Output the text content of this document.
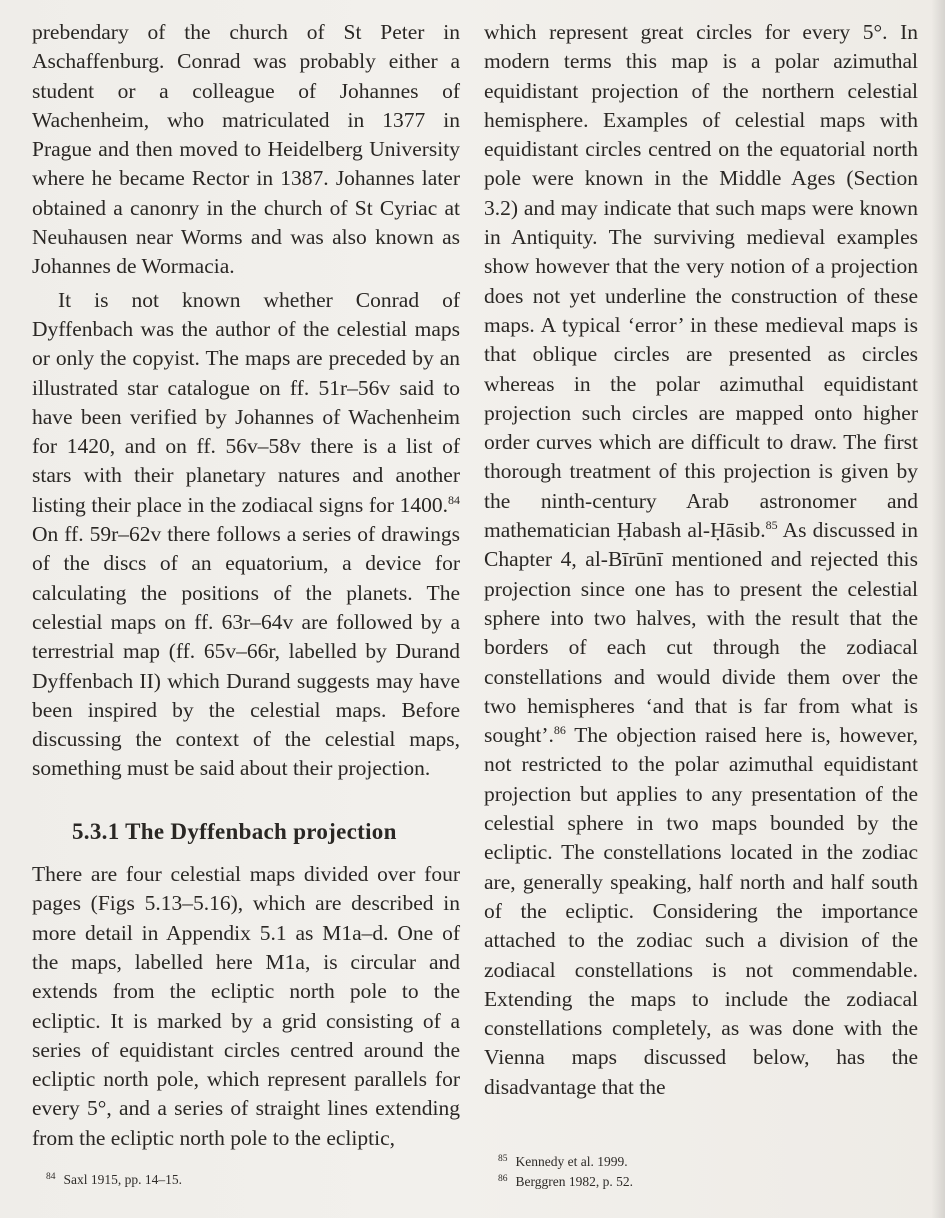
prebendary of the church of St Peter in Aschaffenburg. Conrad was probably either a student or a colleague of Johannes of Wachenheim, who matriculated in 1377 in Prague and then moved to Heidelberg University where he became Rector in 1387. Johannes later obtained a canonry in the church of St Cyriac at Neuhausen near Worms and was also known as Johannes de Wormacia.

It is not known whether Conrad of Dyffenbach was the author of the celestial maps or only the copyist. The maps are preceded by an illustrated star catalogue on ff. 51r–56v said to have been verified by Johannes of Wachenheim for 1420, and on ff. 56v–58v there is a list of stars with their planetary natures and another listing their place in the zodiacal signs for 1400.84 On ff. 59r–62v there follows a series of drawings of the discs of an equatorium, a device for calculating the positions of the planets. The celestial maps on ff. 63r–64v are followed by a terrestrial map (ff. 65v–66r, labelled by Durand Dyffenbach II) which Durand suggests may have been inspired by the celestial maps. Before discussing the context of the celestial maps, something must be said about their projection.

5.3.1 The Dyffenbach projection

There are four celestial maps divided over four pages (Figs 5.13–5.16), which are described in more detail in Appendix 5.1 as M1a–d. One of the maps, labelled here M1a, is circular and extends from the ecliptic north pole to the ecliptic. It is marked by a grid consisting of a series of equidistant circles centred around the ecliptic north pole, which represent parallels for every 5°, and a series of straight lines extending from the ecliptic north pole to the ecliptic,

which represent great circles for every 5°. In modern terms this map is a polar azimuthal equidistant projection of the northern celestial hemisphere. Examples of celestial maps with equidistant circles centred on the equatorial north pole were known in the Middle Ages (Section 3.2) and may indicate that such maps were known in Antiquity. The surviving medieval examples show however that the very notion of a projection does not yet underline the construction of these maps. A typical ‘error’ in these medieval maps is that oblique circles are presented as circles whereas in the polar azimuthal equidistant projection such circles are mapped onto higher order curves which are difficult to draw. The first thorough treatment of this projection is given by the ninth-century Arab astronomer and mathematician Ḥabash al-Ḥāsib.$^{85}$ As discussed in Chapter 4, al-Bīrūnī mentioned and rejected this projection since one has to present the celestial sphere into two halves, with the result that the borders of each cut through the zodiacal constellations and would divide them over the two hemispheres ‘and that is far from what is sought’.$^{86}$ The objection raised here is, however, not restricted to the polar azimuthal equidistant projection but applies to any presentation of the celestial sphere in two maps bounded by the ecliptic. The constellations located in the zodiac are, generally speaking, half north and half south of the ecliptic. Considering the importance attached to the zodiac such a division of the zodiacal constellations is not commendable. Extending the maps to include the zodiacal constellations completely, as was done with the Vienna maps discussed below, has the disadvantage that the

$^{84}$ Saxl 1915, pp. 14–15.
$^{85}$ Kennedy et al. 1999.
$^{86}$ Berggren 1982, p. 52.
